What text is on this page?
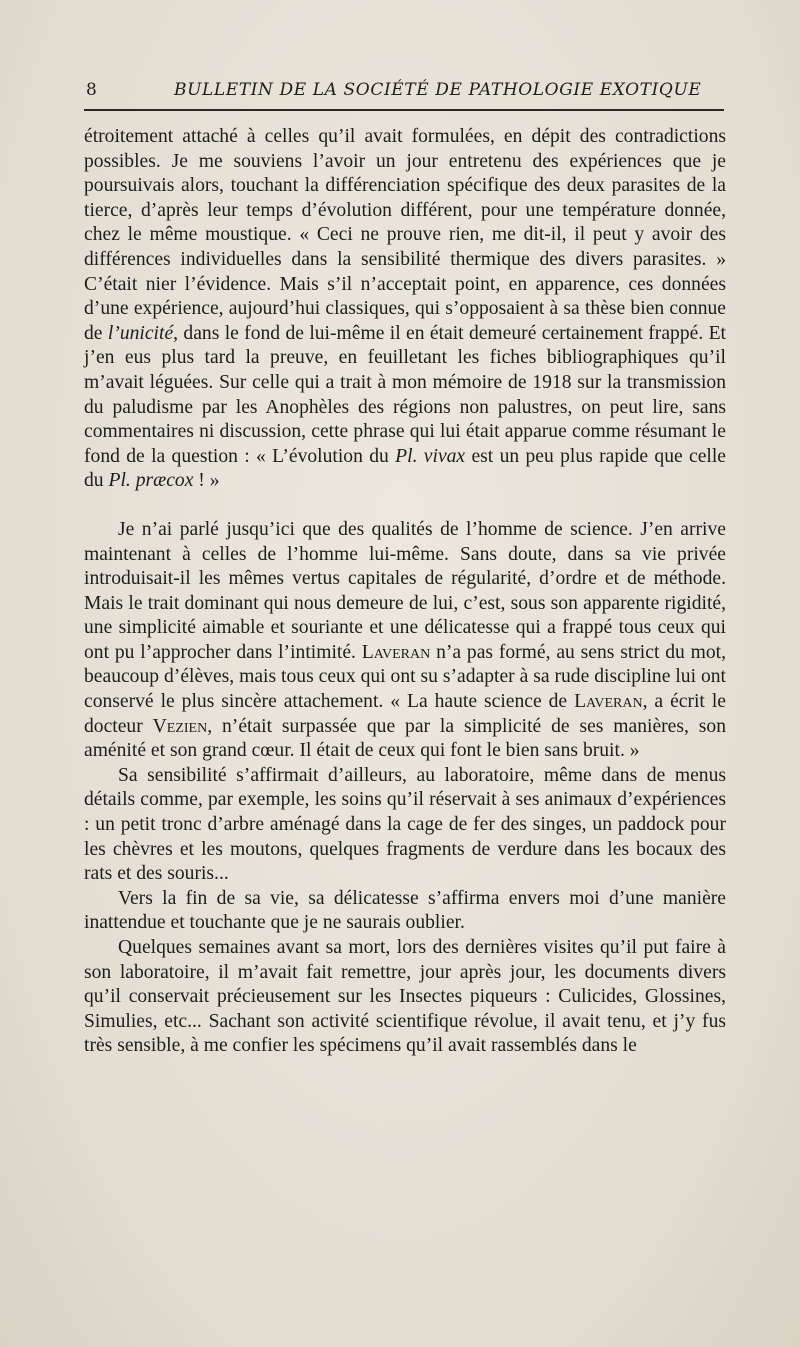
8	BULLETIN DE LA SOCIÉTÉ DE PATHOLOGIE EXOTIQUE

étroitement attaché à celles qu’il avait formulées, en dépit des contradictions possibles. Je me souviens l’avoir un jour entretenu des expériences que je poursuivais alors, touchant la différenciation spécifique des deux parasites de la tierce, d’après leur temps d’évolution différent, pour une température donnée, chez le même moustique. « Ceci ne prouve rien, me dit-il, il peut y avoir des différences individuelles dans la sensibilité thermique des divers parasites. » C’était nier l’évidence. Mais s’il n’acceptait point, en apparence, ces données d’une expérience, aujourd’hui classiques, qui s’opposaient à sa thèse bien connue de l’unicité, dans le fond de lui-même il en était demeuré certainement frappé. Et j’en eus plus tard la preuve, en feuilletant les fiches bibliographiques qu’il m’avait léguées. Sur celle qui a trait à mon mémoire de 1918 sur la transmission du paludisme par les Anophèles des régions non palustres, on peut lire, sans commentaires ni discussion, cette phrase qui lui était apparue comme résumant le fond de la question : « L’évolution du Pl. vivax est un peu plus rapide que celle du Pl. præcox ! »

Je n’ai parlé jusqu’ici que des qualités de l’homme de science. J’en arrive maintenant à celles de l’homme lui-même. Sans doute, dans sa vie privée introduisait-il les mêmes vertus capitales de régularité, d’ordre et de méthode. Mais le trait dominant qui nous demeure de lui, c’est, sous son apparente rigidité, une simplicité aimable et souriante et une délicatesse qui a frappé tous ceux qui ont pu l’approcher dans l’intimité. Laveran n’a pas formé, au sens strict du mot, beaucoup d’élèves, mais tous ceux qui ont su s’adapter à sa rude discipline lui ont conservé le plus sincère attachement. « La haute science de Laveran, a écrit le docteur Vezien, n’était surpassée que par la simplicité de ses manières, son aménité et son grand cœur. Il était de ceux qui font le bien sans bruit. »

Sa sensibilité s’affirmait d’ailleurs, au laboratoire, même dans de menus détails comme, par exemple, les soins qu’il réservait à ses animaux d’expériences : un petit tronc d’arbre aménagé dans la cage de fer des singes, un paddock pour les chèvres et les moutons, quelques fragments de verdure dans les bocaux des rats et des souris...

Vers la fin de sa vie, sa délicatesse s’affirma envers moi d’une manière inattendue et touchante que je ne saurais oublier.

Quelques semaines avant sa mort, lors des dernières visites qu’il put faire à son laboratoire, il m’avait fait remettre, jour après jour, les documents divers qu’il conservait précieusement sur les Insectes piqueurs : Culicides, Glossines, Simulies, etc... Sachant son activité scientifique révolue, il avait tenu, et j’y fus très sensible, à me confier les spécimens qu’il avait rassemblés dans le
